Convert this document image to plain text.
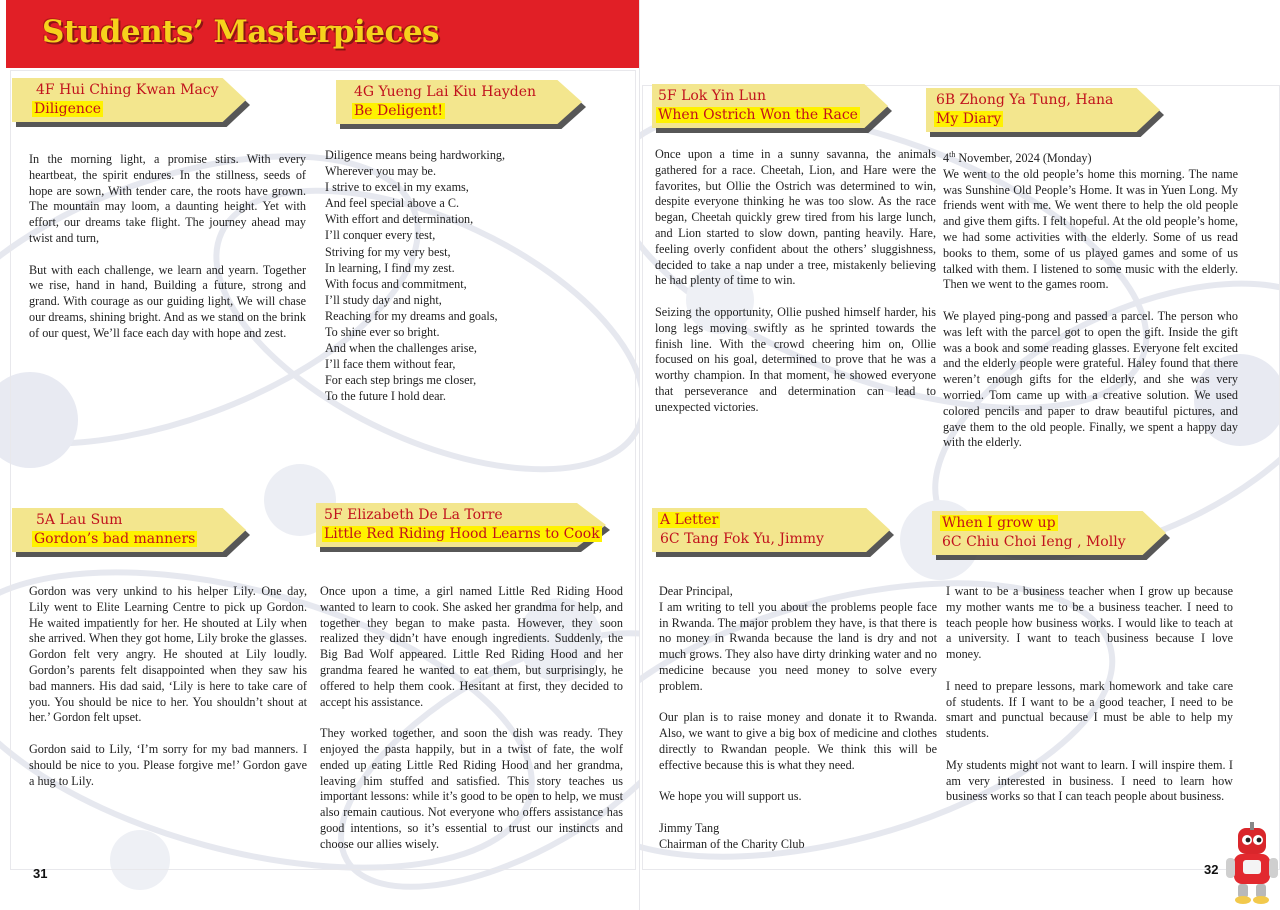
Students’ Masterpieces
4F Hui Ching Kwan Macy
Diligence

In the morning light, a promise stirs. With every heartbeat, the spirit endures. In the stillness, seeds of hope are sown, With tender care, the roots have grown. The mountain may loom, a daunting height. Yet with effort, our dreams take flight. The journey ahead may twist and turn,

But with each challenge, we learn and yearn. Together we rise, hand in hand, Building a future, strong and grand. With courage as our guiding light, We will chase our dreams, shining bright. And as we stand on the brink of our quest, We’ll face each day with hope and zest.

4G Yueng Lai Kiu Hayden
Be Deligent!
Diligence means being hardworking,
Wherever you may be.
I strive to excel in my exams,
And feel special above a C.
With effort and determination,
I’ll conquer every test,
Striving for my very best,
In learning, I find my zest.
With focus and commitment,
I’ll study day and night,
Reaching for my dreams and goals,
To shine ever so bright.
And when the challenges arise,
I’ll face them without fear,
For each step brings me closer,
To the future I hold dear.
5A Lau Sum
Gordon’s bad manners

Gordon was very unkind to his helper Lily. One day, Lily went to Elite Learning Centre to pick up Gordon. He waited impatiently for her. He shouted at Lily when she arrived. When they got home, Lily broke the glasses. Gordon felt very angry. He shouted at Lily loudly. Gordon’s parents felt disappointed when they saw his bad manners. His dad said, ‘Lily is here to take care of you. You should be nice to her. You shouldn’t shout at her.’ Gordon felt upset.

Gordon said to Lily, ‘I’m sorry for my bad manners. I should be nice to you. Please forgive me!’ Gordon gave a hug to Lily.

5F Elizabeth De La Torre
Little Red Riding Hood Learns to Cook

Once upon a time, a girl named Little Red Riding Hood wanted to learn to cook. She asked her grandma for help, and together they began to make pasta. However, they soon realized they didn’t have enough ingredients. Suddenly, the Big Bad Wolf appeared. Little Red Riding Hood and her grandma feared he wanted to eat them, but surprisingly, he offered to help them cook. Hesitant at first, they decided to accept his assistance.

They worked together, and soon the dish was ready. They enjoyed the pasta happily, but in a twist of fate, the wolf ended up eating Little Red Riding Hood and her grandma, leaving him stuffed and satisfied. This story teaches us important lessons: while it’s good to be open to help, we must also remain cautious. Not everyone who offers assistance has good intentions, so it’s essential to trust our instincts and choose our allies wisely.

31
5F Lok Yin Lun
When Ostrich Won the Race

Once upon a time in a sunny savanna, the animals gathered for a race. Cheetah, Lion, and Hare were the favorites, but Ollie the Ostrich was determined to win, despite everyone thinking he was too slow. As the race began, Cheetah quickly grew tired from his large lunch, and Lion started to slow down, panting heavily. Hare, feeling overly confident about the others’ sluggishness, decided to take a nap under a tree, mistakenly believing he had plenty of time to win.

Seizing the opportunity, Ollie pushed himself harder, his long legs moving swiftly as he sprinted towards the finish line. With the crowd cheering him on, Ollie focused on his goal, determined to prove that he was a worthy champion. In that moment, he showed everyone that perseverance and determination can lead to unexpected victories.

6B Zhong Ya Tung, Hana
My Diary
4th November, 2024 (Monday)

We went to the old people’s home this morning. The name was Sunshine Old People’s Home. It was in Yuen Long. My friends went with me. We went there to help the old people and give them gifts. I felt hopeful. At the old people’s home, we had some activities with the elderly. Some of us read books to them, some of us played games and some of us talked with them. I listened to some music with the elderly. Then we went to the games room.

We played ping-pong and passed a parcel. The person who was left with the parcel got to open the gift. Inside the gift was a book and some reading glasses. Everyone felt excited and the elderly people were grateful. Haley found that there weren’t enough gifts for the elderly, and she was very worried. Tom came up with a creative solution. We used colored pencils and paper to draw beautiful pictures, and gave them to the old people. Finally, we spent a happy day with the elderly.

A Letter
6C Tang Fok Yu, Jimmy
Dear Principal,

I am writing to tell you about the problems people face in Rwanda. The major problem they have, is that there is no money in Rwanda because the land is dry and not much grows. They also have dirty drinking water and no medicine because you need money to solve every problem.

Our plan is to raise money and donate it to Rwanda. Also, we want to give a big box of medicine and clothes directly to Rwandan people. We think this will be effective because this is what they need.

We hope you will support us.

Jimmy Tang
Chairman of the Charity Club
When I grow up
6C Chiu Choi Ieng , Molly

I want to be a business teacher when I grow up because my mother wants me to be a business teacher. I need to teach people how business works. I would like to teach at a university. I want to teach business because I love money.

I need to prepare lessons, mark homework and take care of students. If I want to be a good teacher, I need to be smart and punctual because I must be able to help my students.

My students might not want to learn. I will inspire them. I am very interested in business. I need to learn how business works so that I can teach people about business.

32
